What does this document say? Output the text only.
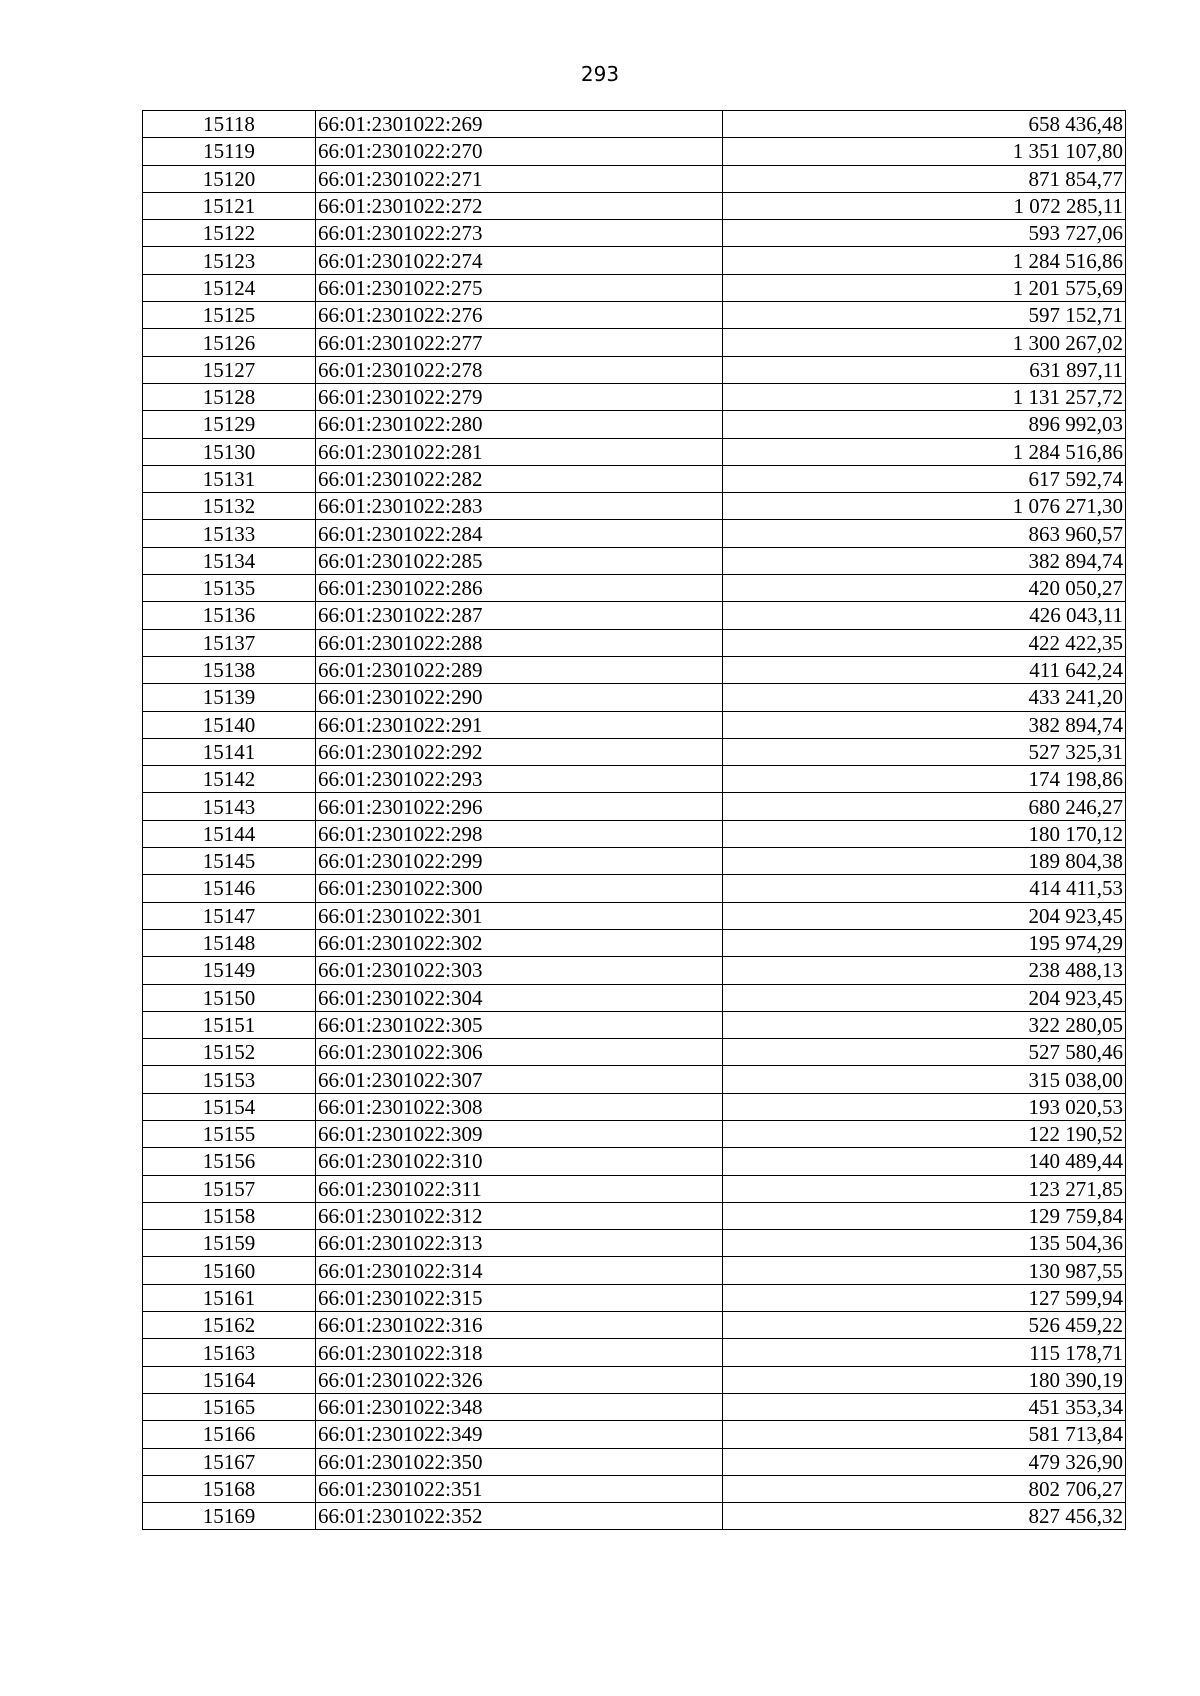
293
15118	66:01:2301022:269	658 436,48
15119	66:01:2301022:270	1 351 107,80
15120	66:01:2301022:271	871 854,77
15121	66:01:2301022:272	1 072 285,11
15122	66:01:2301022:273	593 727,06
15123	66:01:2301022:274	1 284 516,86
15124	66:01:2301022:275	1 201 575,69
15125	66:01:2301022:276	597 152,71
15126	66:01:2301022:277	1 300 267,02
15127	66:01:2301022:278	631 897,11
15128	66:01:2301022:279	1 131 257,72
15129	66:01:2301022:280	896 992,03
15130	66:01:2301022:281	1 284 516,86
15131	66:01:2301022:282	617 592,74
15132	66:01:2301022:283	1 076 271,30
15133	66:01:2301022:284	863 960,57
15134	66:01:2301022:285	382 894,74
15135	66:01:2301022:286	420 050,27
15136	66:01:2301022:287	426 043,11
15137	66:01:2301022:288	422 422,35
15138	66:01:2301022:289	411 642,24
15139	66:01:2301022:290	433 241,20
15140	66:01:2301022:291	382 894,74
15141	66:01:2301022:292	527 325,31
15142	66:01:2301022:293	174 198,86
15143	66:01:2301022:296	680 246,27
15144	66:01:2301022:298	180 170,12
15145	66:01:2301022:299	189 804,38
15146	66:01:2301022:300	414 411,53
15147	66:01:2301022:301	204 923,45
15148	66:01:2301022:302	195 974,29
15149	66:01:2301022:303	238 488,13
15150	66:01:2301022:304	204 923,45
15151	66:01:2301022:305	322 280,05
15152	66:01:2301022:306	527 580,46
15153	66:01:2301022:307	315 038,00
15154	66:01:2301022:308	193 020,53
15155	66:01:2301022:309	122 190,52
15156	66:01:2301022:310	140 489,44
15157	66:01:2301022:311	123 271,85
15158	66:01:2301022:312	129 759,84
15159	66:01:2301022:313	135 504,36
15160	66:01:2301022:314	130 987,55
15161	66:01:2301022:315	127 599,94
15162	66:01:2301022:316	526 459,22
15163	66:01:2301022:318	115 178,71
15164	66:01:2301022:326	180 390,19
15165	66:01:2301022:348	451 353,34
15166	66:01:2301022:349	581 713,84
15167	66:01:2301022:350	479 326,90
15168	66:01:2301022:351	802 706,27
15169	66:01:2301022:352	827 456,32
